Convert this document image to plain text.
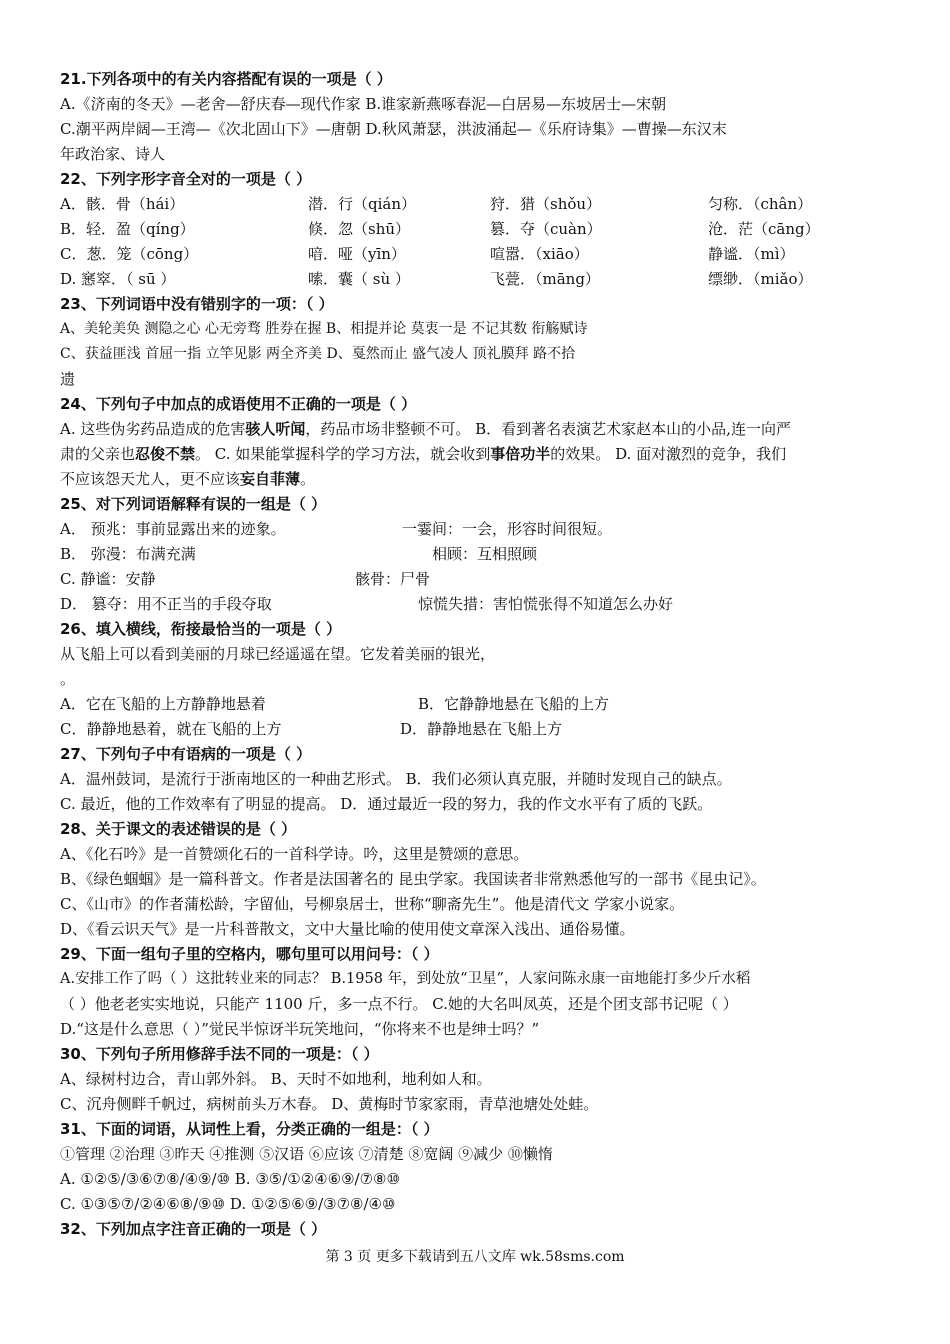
21.下列各项中的有关内容搭配有误的一项是（ ）
A.《济南的冬天》—老舍—舒庆春—现代作家 B.谁家新燕啄春泥—白居易—东坡居士—宋朝
C.潮平两岸阔—王湾—《次北固山下》—唐朝 D.秋风萧瑟，洪波涌起—《乐府诗集》—曹操—东汉末
年政治家、诗人
22、下列字形字音全对的一项是（ ）
A．骸．骨（hái）	潜．行（qián）	狩．猎（shǒu）	匀称．（chân）
B．轻．盈（qíng）	倏．忽（shū）	篡．夺（cuàn）	沧．茫（cāng）
C．葱．笼（cōng）	喑．哑（yīn）	喧嚣．（xiāo）	静谧．（mì）
D. 窸窣．（ sū ）	嗦．囊（ sù ）	飞甍．（māng）	缥缈．（miǎo）
23、下列词语中没有错别字的一项：（ ）
A、美轮美奂 测隐之心 心无旁骛 胜券在握 B、相提并论 莫衷一是 不记其数 衔觞赋诗
C、获益匪浅 首屈一指 立竿见影 两全齐美 D、戛然而止 盛气凌人 顶礼膜拜 路不拾
遗
24、下列句子中加点的成语使用不正确的一项是（ ）
A. 这些伪劣药品造成的危害骇人听闻，药品市场非整顿不可。 B．看到著名表演艺术家赵本山的小品,连一向严
肃的父亲也忍俊不禁。 C. 如果能掌握科学的学习方法，就会收到事倍功半的效果。 D. 面对激烈的竞争，我们
不应该怨天尤人，更不应该妄自菲薄。
25、对下列词语解释有误的一组是（ ）
A． 预兆：事前显露出来的迹象。	一霎间：一会，形容时间很短。
B． 弥漫：布满充满	相顾：互相照顾
C. 静谧：安静	骸骨：尸骨
D． 篡夺：用不正当的手段夺取	惊慌失措：害怕慌张得不知道怎么办好
26、填入横线，衔接最恰当的一项是（ ）
从飞船上可以看到美丽的月球已经遥遥在望。它发着美丽的银光，
。
A．它在飞船的上方静静地悬着	B．它静静地悬在飞船的上方
C．静静地悬着，就在飞船的上方	D．静静地悬在飞船上方
27、下列句子中有语病的一项是（ ）
A．温州鼓词，是流行于浙南地区的一种曲艺形式。 B．我们必须认真克服，并随时发现自己的缺点。
C. 最近，他的工作效率有了明显的提高。 D．通过最近一段的努力，我的作文水平有了质的飞跃。
28、关于课文的表述错误的是（ ）
A、《化石吟》是一首赞颂化石的一首科学诗。吟，这里是赞颂的意思。
B、《绿色蝈蝈》是一篇科普文。作者是法国著名的 昆虫学家。我国读者非常熟悉他写的一部书《昆虫记》。
C、《山市》的作者蒲松龄，字留仙，号柳泉居士，世称“聊斋先生”。他是清代文 学家小说家。
D、《看云识天气》是一片科普散文，文中大量比喻的使用使文章深入浅出、通俗易懂。
29、下面一组句子里的空格内，哪句里可以用问号：（ ）
A.安排工作了吗（ ）这批转业来的同志？ B.1958 年，到处放“卫星”，人家问陈永康一亩地能打多少斤水稻
（ ）他老老实实地说，只能产 1100 斤，多一点不行。 C.她的大名叫凤英，还是个团支部书记呢（ ）
D.“这是什么意思（ ）”觉民半惊讶半玩笑地问，“你将来不也是绅士吗？”
30、下列句子所用修辞手法不同的一项是：（ ）
A、绿树村边合，青山郭外斜。 B、天时不如地利，地利如人和。
C、沉舟侧畔千帆过，病树前头万木春。 D、黄梅时节家家雨，青草池塘处处蛙。
31、下面的词语，从词性上看，分类正确的一组是：（ ）
①管理 ②治理 ③昨天 ④推测 ⑤汉语 ⑥应该 ⑦清楚 ⑧宽阔 ⑨减少 ⑩懒惰
A. ①②⑤/③⑥⑦⑧/④⑨/⑩ B. ③⑤/①②④⑥⑨/⑦⑧⑩
C. ①③⑤⑦/②④⑥⑧/⑨⑩ D. ①②⑤⑥⑨/③⑦⑧/④⑩
32、下列加点字注音正确的一项是（ ）
第 3 页 更多下载请到五八文库 wk.58sms.com
